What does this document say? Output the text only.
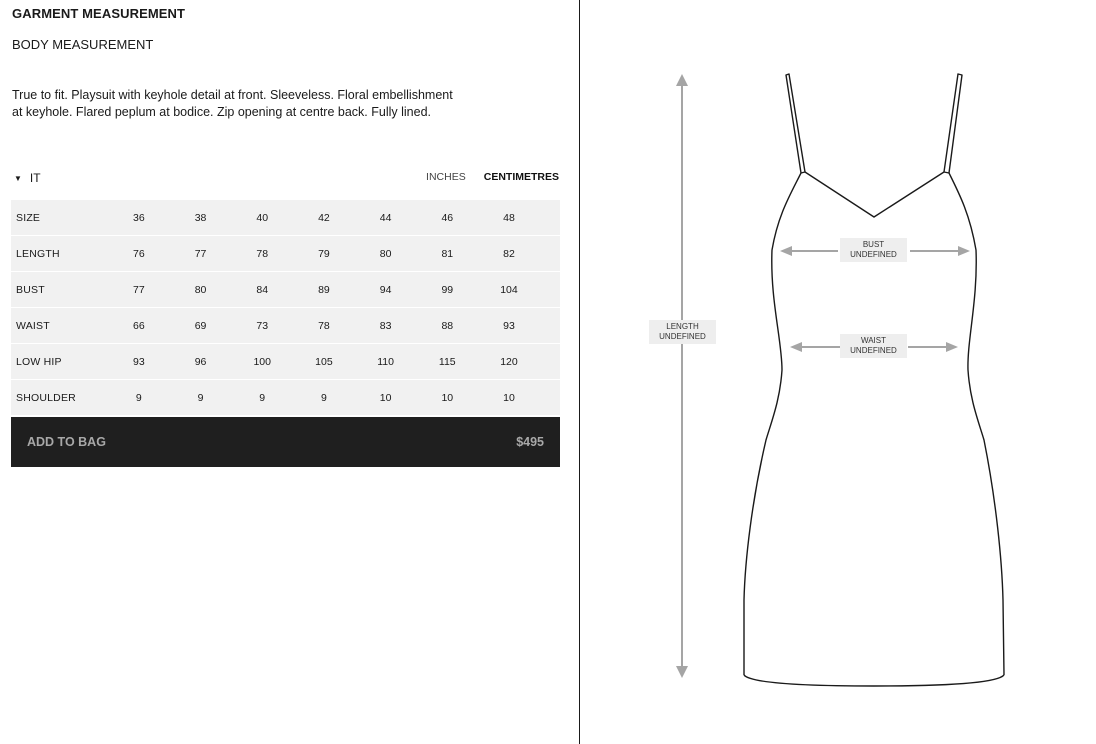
GARMENT MEASUREMENT
BODY MEASUREMENT

True to fit. Playsuit with keyhole detail at front. Sleeveless. Floral embellishment at keyhole. Flared peplum at bodice. Zip opening at centre back. Fully lined.

▼ IT	INCHES CENTIMETRES
SIZE	36	38	40	42	44	46	48
LENGTH	76	77	78	79	80	81	82
BUST	77	80	84	89	94	99	104
WAIST	66	69	73	78	83	88	93
LOW HIP	93	96	100	105	110	115	120
SHOULDER	9	9	9	9	10	10	10
ADD TO BAG	$495
LENGTH
UNDEFINED
BUST
UNDEFINED
WAIST
UNDEFINED
